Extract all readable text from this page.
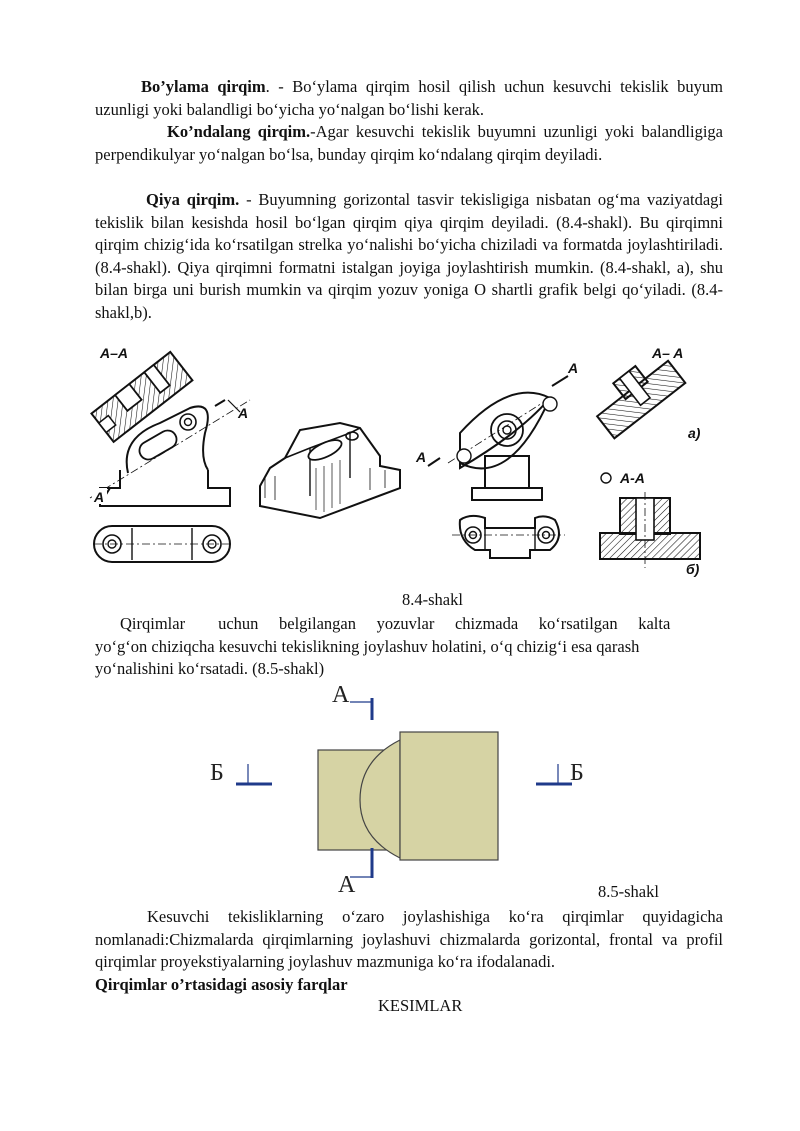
Bo’ylama qirqim. - Bo‘ylama qirqim hosil qilish uchun kesuvchi tekislik buyum uzunligi yoki balandligi bo‘yicha yo‘nalgan bo‘lishi kerak.

Ko’ndalang qirqim.-Agar kesuvchi tekislik buyumni uzunligi yoki balandligiga perpendikulyar yo‘nalgan bo‘lsa, bunday qirqim ko‘ndalang qirqim deyiladi.

Qiya qirqim. - Buyumning gorizontal tasvir tekisligiga nisbatan og‘ma vaziyatdagi tekislik bilan kesishda hosil bo‘lgan qirqim qiya qirqim deyiladi. (8.4-shakl). Bu qirqimni qirqim chizig‘ida ko‘rsatilgan strelka yo‘nalishi bo‘yicha chiziladi va formatda joylashtiriladi. (8.4-shakl). Qiya qirqimni formatni istalgan joyiga joylashtirish mumkin. (8.4-shakl, a), shu bilan birga uni burish mumkin va qirqim yozuv yoniga O shartli grafik belgi qo‘yiladi. (8.4-shakl,b).

A–A
A
A
A
A
A– A
a)
A-A
б)
8.4-shakl
Qirqimlar        uchun     belgilangan     yozuvlar     chizmada     ko‘rsatilgan     kalta
yo‘g‘on chiziqcha kesuvchi tekislikning joylashuv holatini, o‘q chizig‘i esa qarash
yo‘nalishini ko‘rsatadi. (8.5-shakl)
А
А
Б	Б
8.5-shakl

Kesuvchi tekisliklarning o‘zaro joylashishiga ko‘ra qirqimlar quyidagicha nomlanadi:Chizmalarda qirqimlarning joylashuvi chizmalarda gorizontal, frontal va profil qirqimlar proyekstiyalarning joylashuv mazmuniga ko‘ra ifodalanadi.
Qirqimlar o’rtasidagi asosiy farqlar

KESIMLAR
